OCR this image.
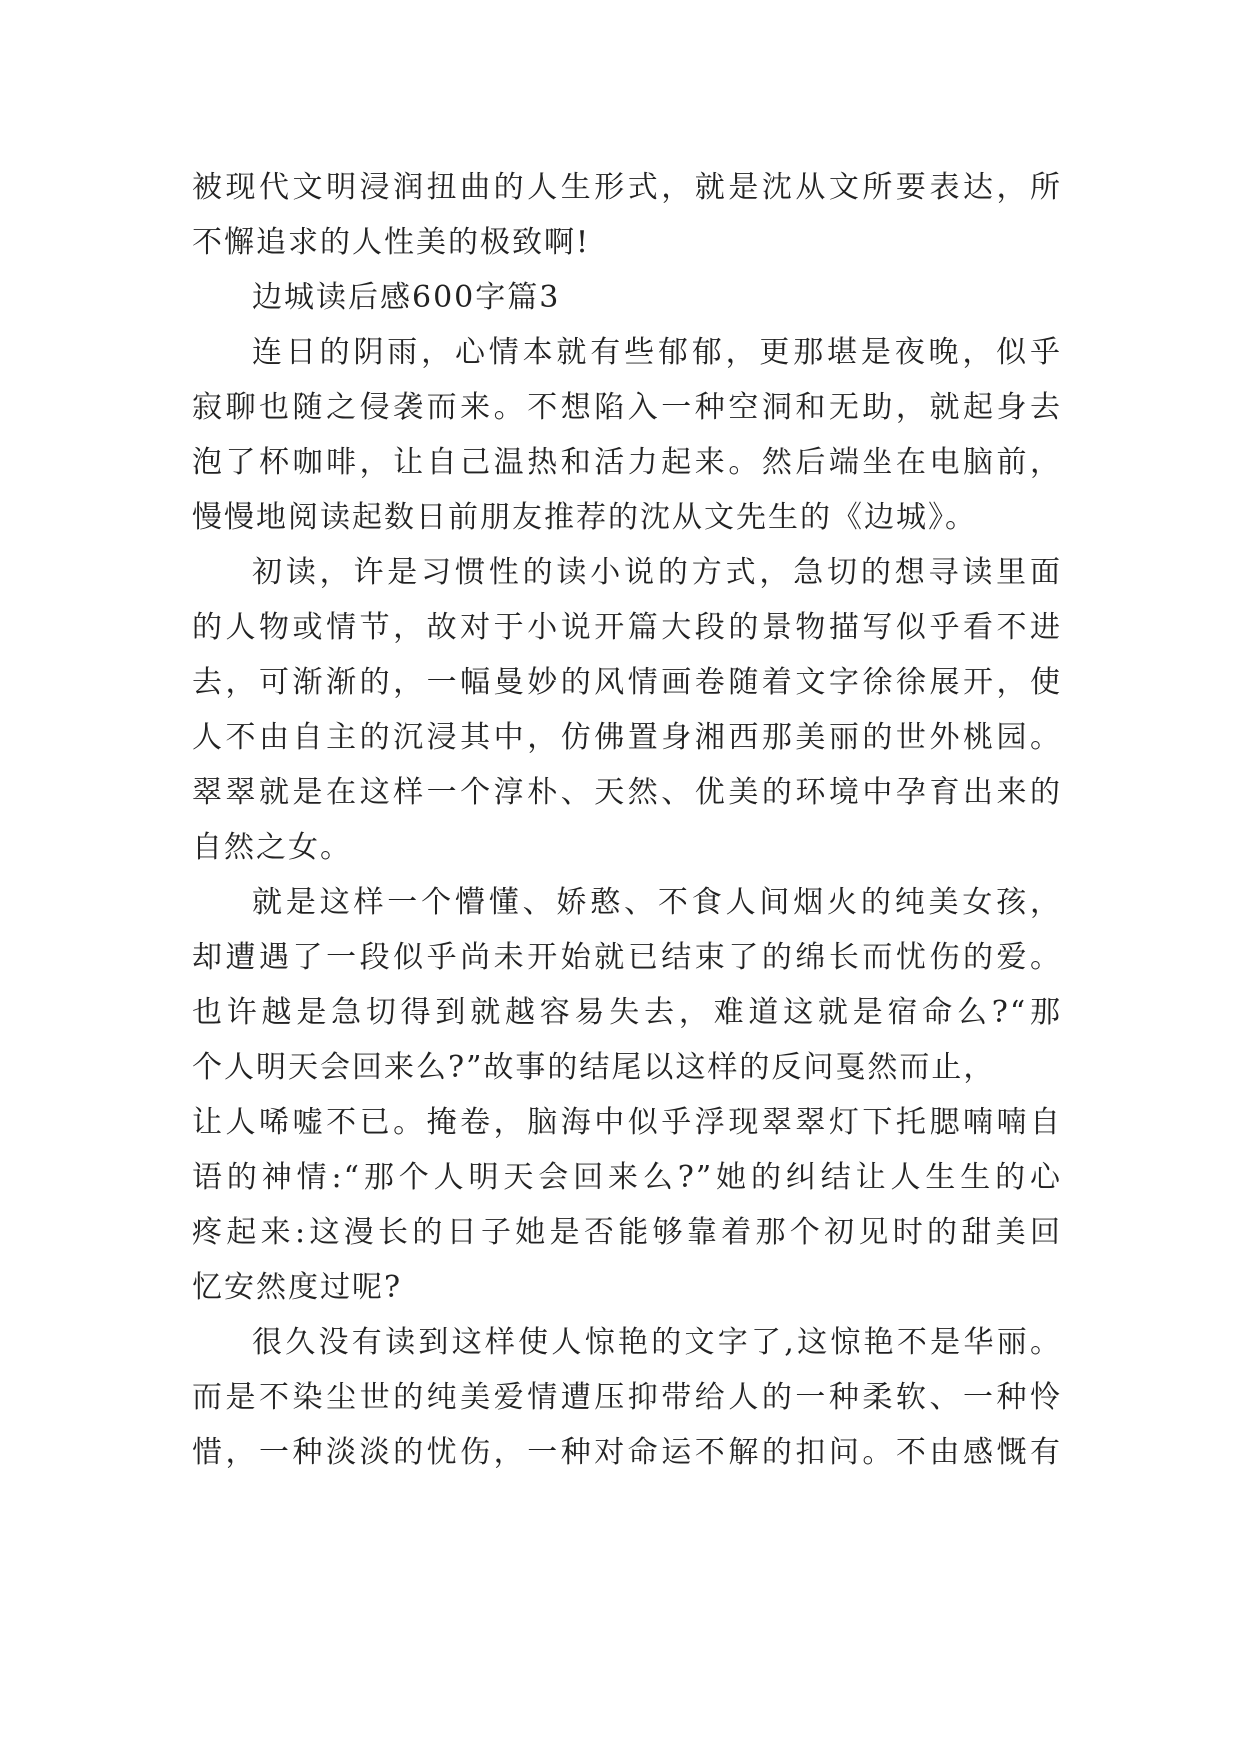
被现代文明浸润扭曲的人生形式，就是沈从文所要表达，所
不懈追求的人性美的极致啊!
边城读后感600字篇3
连日的阴雨，心情本就有些郁郁，更那堪是夜晚，似乎
寂聊也随之侵袭而来。不想陷入一种空洞和无助，就起身去
泡了杯咖啡，让自己温热和活力起来。然后端坐在电脑前，
慢慢地阅读起数日前朋友推荐的沈从文先生的《边城》。
初读，许是习惯性的读小说的方式，急切的想寻读里面
的人物或情节，故对于小说开篇大段的景物描写似乎看不进
去，可渐渐的，一幅曼妙的风情画卷随着文字徐徐展开，使
人不由自主的沉浸其中，仿佛置身湘西那美丽的世外桃园。
翠翠就是在这样一个淳朴、天然、优美的环境中孕育出来的
自然之女。
就是这样一个懵懂、娇憨、不食人间烟火的纯美女孩，
却遭遇了一段似乎尚未开始就已结束了的绵长而忧伤的爱。
也许越是急切得到就越容易失去，难道这就是宿命么?“那
个人明天会回来么?”故事的结尾以这样的反问戛然而止，
让人唏嘘不已。掩卷，脑海中似乎浮现翠翠灯下托腮喃喃自
语的神情:“那个人明天会回来么?”她的纠结让人生生的心
疼起来:这漫长的日子她是否能够靠着那个初见时的甜美回
忆安然度过呢?
很久没有读到这样使人惊艳的文字了,这惊艳不是华丽。
而是不染尘世的纯美爱情遭压抑带给人的一种柔软、一种怜
惜，一种淡淡的忧伤，一种对命运不解的扣问。不由感慨有
